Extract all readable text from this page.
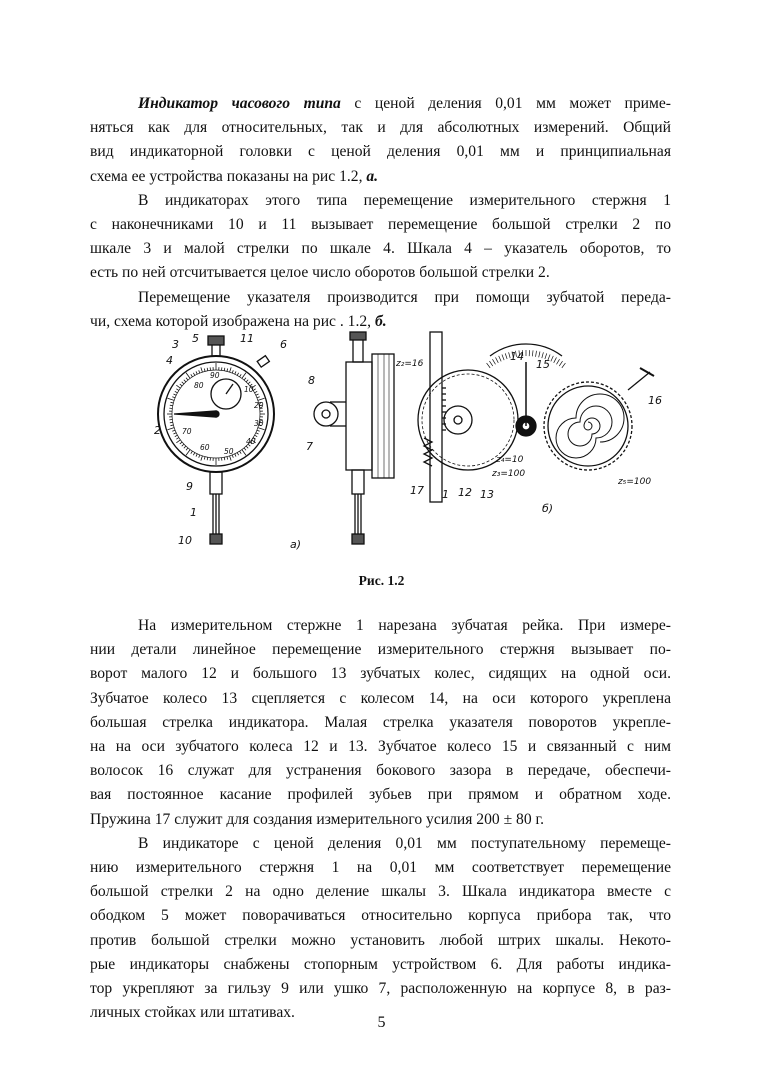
Индикатор часового типа с ценой деления 0,01 мм может приме-
няться как для относительных, так и для абсолютных измерений. Общий
вид индикаторной головки с ценой деления 0,01 мм и принципиальная
схема ее устройства показаны на рис 1.2, а.

В индикаторах этого типа перемещение измерительного стержня 1
с наконечниками 10 и 11 вызывает перемещение большой стрелки 2 по
шкале 3 и малой стрелки по шкале 4. Шкала 4 – указатель оборотов, то
есть по ней отсчитывается целое число оборотов большой стрелки 2.

Перемещение указателя производится при помощи зубчатой переда-
чи, схема которой изображена на рис . 1.2, б.

3 5	11 6
4
2
9
1
10
8
7
а)
80
90
10
20
30
40
50
60
70
z₂=16
14
15
16
z₄=10
z₃=100
z₅=100
17 1 12 13
б)
Рис. 1.2

На измерительном стержне 1 нарезана зубчатая рейка. При измере-
нии детали линейное перемещение измерительного стержня вызывает по-
ворот малого 12 и большого 13 зубчатых колес, сидящих на одной оси.
Зубчатое колесо 13 сцепляется с колесом 14, на оси которого укреплена
большая стрелка индикатора. Малая стрелка указателя поворотов укрепле-
на на оси зубчатого колеса 12 и 13. Зубчатое колесо 15 и связанный с ним
волосок 16 служат для устранения бокового зазора в передаче, обеспечи-
вая постоянное касание профилей зубьев при прямом и обратном ходе.
Пружина 17 служит для создания измерительного усилия 200 ± 80 г.

В индикаторе с ценой деления 0,01 мм поступательному перемеще-
нию измерительного стержня 1 на 0,01 мм соответствует перемещение
большой стрелки 2 на одно деление шкалы 3. Шкала индикатора вместе с
ободком 5 может поворачиваться относительно корпуса прибора так, что
против большой стрелки можно установить любой штрих шкалы. Некото-
рые индикаторы снабжены стопорным устройством 6. Для работы индика-
тор укрепляют за гильзу 9 или ушко 7, расположенную на корпусе 8, в раз-
личных стойках или штативах.

5
